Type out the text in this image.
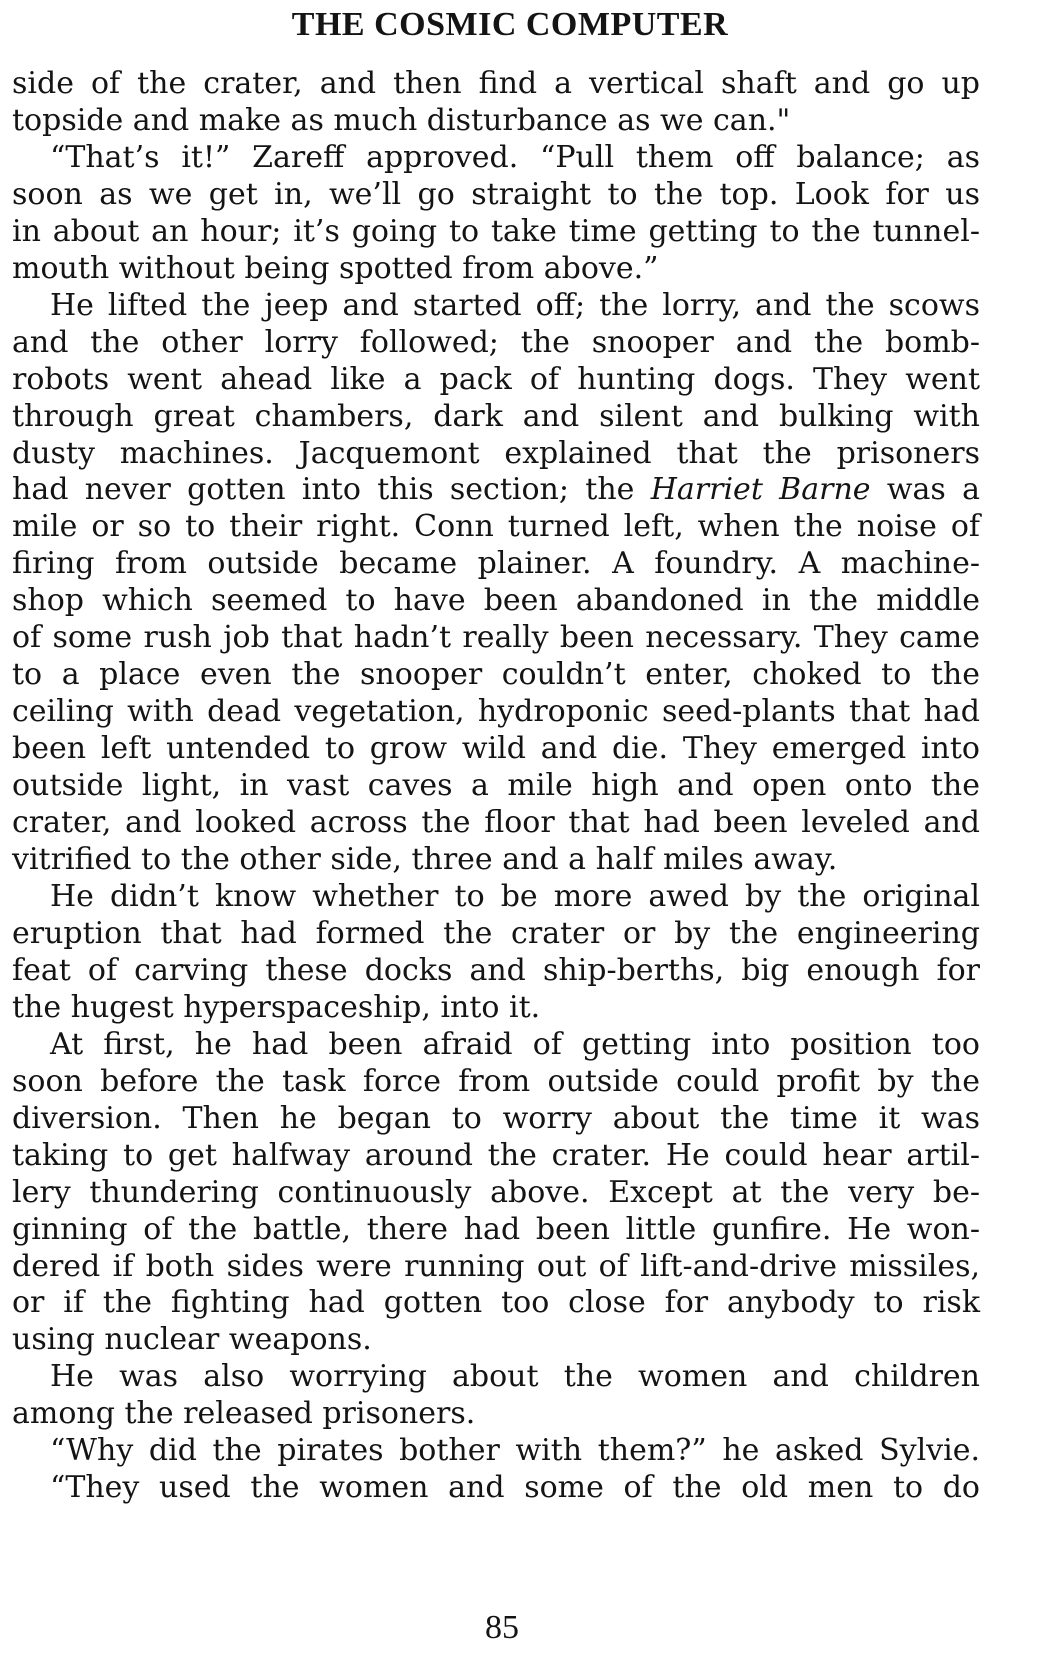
THE COSMIC COMPUTER

side of the crater, and then find a vertical shaft and go up
topside and make as much disturbance as we can."

“That’s it!” Zareff approved. “Pull them off balance; as
soon as we get in, we’ll go straight to the top. Look for us
in about an hour; it’s going to take time getting to the tunnel-
mouth without being spotted from above.”

He lifted the jeep and started off; the lorry, and the scows
and the other lorry followed; the snooper and the bomb-
robots went ahead like a pack of hunting dogs. They went
through great chambers, dark and silent and bulking with
dusty machines. Jacquemont explained that the prisoners
had never gotten into this section; the Harriet Barne was a
mile or so to their right. Conn turned left, when the noise of
firing from outside became plainer. A foundry. A machine-
shop which seemed to have been abandoned in the middle
of some rush job that hadn’t really been necessary. They came
to a place even the snooper couldn’t enter, choked to the
ceiling with dead vegetation, hydroponic seed-plants that had
been left untended to grow wild and die. They emerged into
outside light, in vast caves a mile high and open onto the
crater, and looked across the floor that had been leveled and
vitrified to the other side, three and a half miles away.

He didn’t know whether to be more awed by the original
eruption that had formed the crater or by the engineering
feat of carving these docks and ship-berths, big enough for
the hugest hyperspaceship, into it.

At first, he had been afraid of getting into position too
soon before the task force from outside could profit by the
diversion. Then he began to worry about the time it was
taking to get halfway around the crater. He could hear artil-
lery thundering continuously above. Except at the very be-
ginning of the battle, there had been little gunfire. He won-
dered if both sides were running out of lift-and-drive missiles,
or if the fighting had gotten too close for anybody to risk
using nuclear weapons.

He was also worrying about the women and children
among the released prisoners.

“Why did the pirates bother with them?” he asked Sylvie.

“They used the women and some of the old men to do

85
